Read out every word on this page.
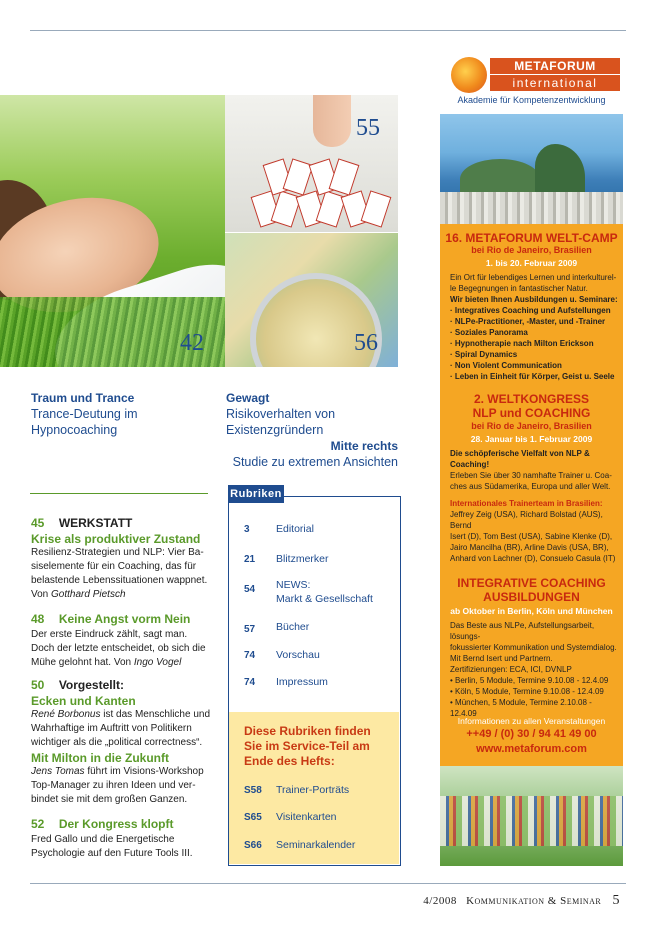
42
55
56
Traum und Trance
Trance-Deutung im
Hypnocoaching
Gewagt
Risikoverhalten von
Existenzgründern
Mitte rechts
Studie zu extremen Ansichten
45 WERKSTATT
Krise als produktiver Zustand
Resilienz-Strategien und NLP: Vier Ba-
siselemente für ein Coaching, das für
belastende Lebenssituationen wappnet.
Von Gotthard Pietsch
48 Keine Angst vorm Nein
Der erste Eindruck zählt, sagt man.
Doch der letzte entscheidet, ob sich die
Mühe gelohnt hat. Von Ingo Vogel
50 Vorgestellt:
Ecken und Kanten
René Borbonus ist das Menschliche und
Wahrhaftige im Auftritt von Politikern
wichtiger als die „political correctness“.
Mit Milton in die Zukunft
Jens Tomas führt im Visions-Workshop
Top-Manager zu ihren Ideen und ver-
bindet sie mit dem großen Ganzen.
52 Der Kongress klopft
Fred Gallo und die Energetische
Psychologie auf den Future Tools III.
Rubriken
3	Editorial
21 Blitzmerker
54 NEWS:
Markt & Gesellschaft
57 Bücher
74 Vorschau
74 Impressum
Diese Rubriken finden
Sie im Service-Teil am
Ende des Hefts:
S58 Trainer-Porträts
S65 Visitenkarten
S66 Seminarkalender
METAFORUM
international
Akademie für Kompetenzentwicklung
16. METAFORUM WELT-CAMP
bei Rio de Janeiro, Brasilien
1. bis 20. Februar 2009
Ein Ort für lebendiges Lernen und interkulturel-
le Begegnungen in fantastischer Natur.
Wir bieten Ihnen Ausbildungen u. Seminare:
· Integratives Coaching und Aufstellungen
· NLPe-Practitioner, -Master, und -Trainer
· Soziales Panorama
· Hypnotherapie nach Milton Erickson
· Spiral Dynamics
· Non Violent Communication
· Leben in Einheit für Körper, Geist u. Seele
2. WELTKONGRESS
NLP und COACHING
bei Rio de Janeiro, Brasilien
28. Januar bis 1. Februar 2009
Die schöpferische Vielfalt von NLP & Coaching!
Erleben Sie über 30 namhafte Trainer u. Coa-
ches aus Südamerika, Europa und aller Welt.
Internationales Trainerteam in Brasilien:
Jeffrey Zeig (USA), Richard Bolstad (AUS), Bernd
Isert (D), Tom Best (USA), Sabine Klenke (D),
Jairo Mancilha (BR), Arline Davis (USA, BR),
Anhard von Lachner (D), Consuelo Casula (IT)
INTEGRATIVE COACHING
AUSBILDUNGEN
ab Oktober in Berlin, Köln und München
Das Beste aus NLPe, Aufstellungsarbeit, lösungs-
fokussierter Kommunikation und Systemdialog.
Mit Bernd Isert und Partnern.
Zertifizierungen: ECA, ICI, DVNLP
• Berlin, 5 Module, Termine 9.10.08 - 12.4.09
• Köln, 5 Module, Termine 9.10.08 - 12.4.09
• München, 5 Module, Termine 2.10.08 - 12.4.09
Informationen zu allen Veranstaltungen
++49 / (0) 30 / 94 41 49 00
www.metaforum.com
4/2008 Kommunikation & Seminar 5
